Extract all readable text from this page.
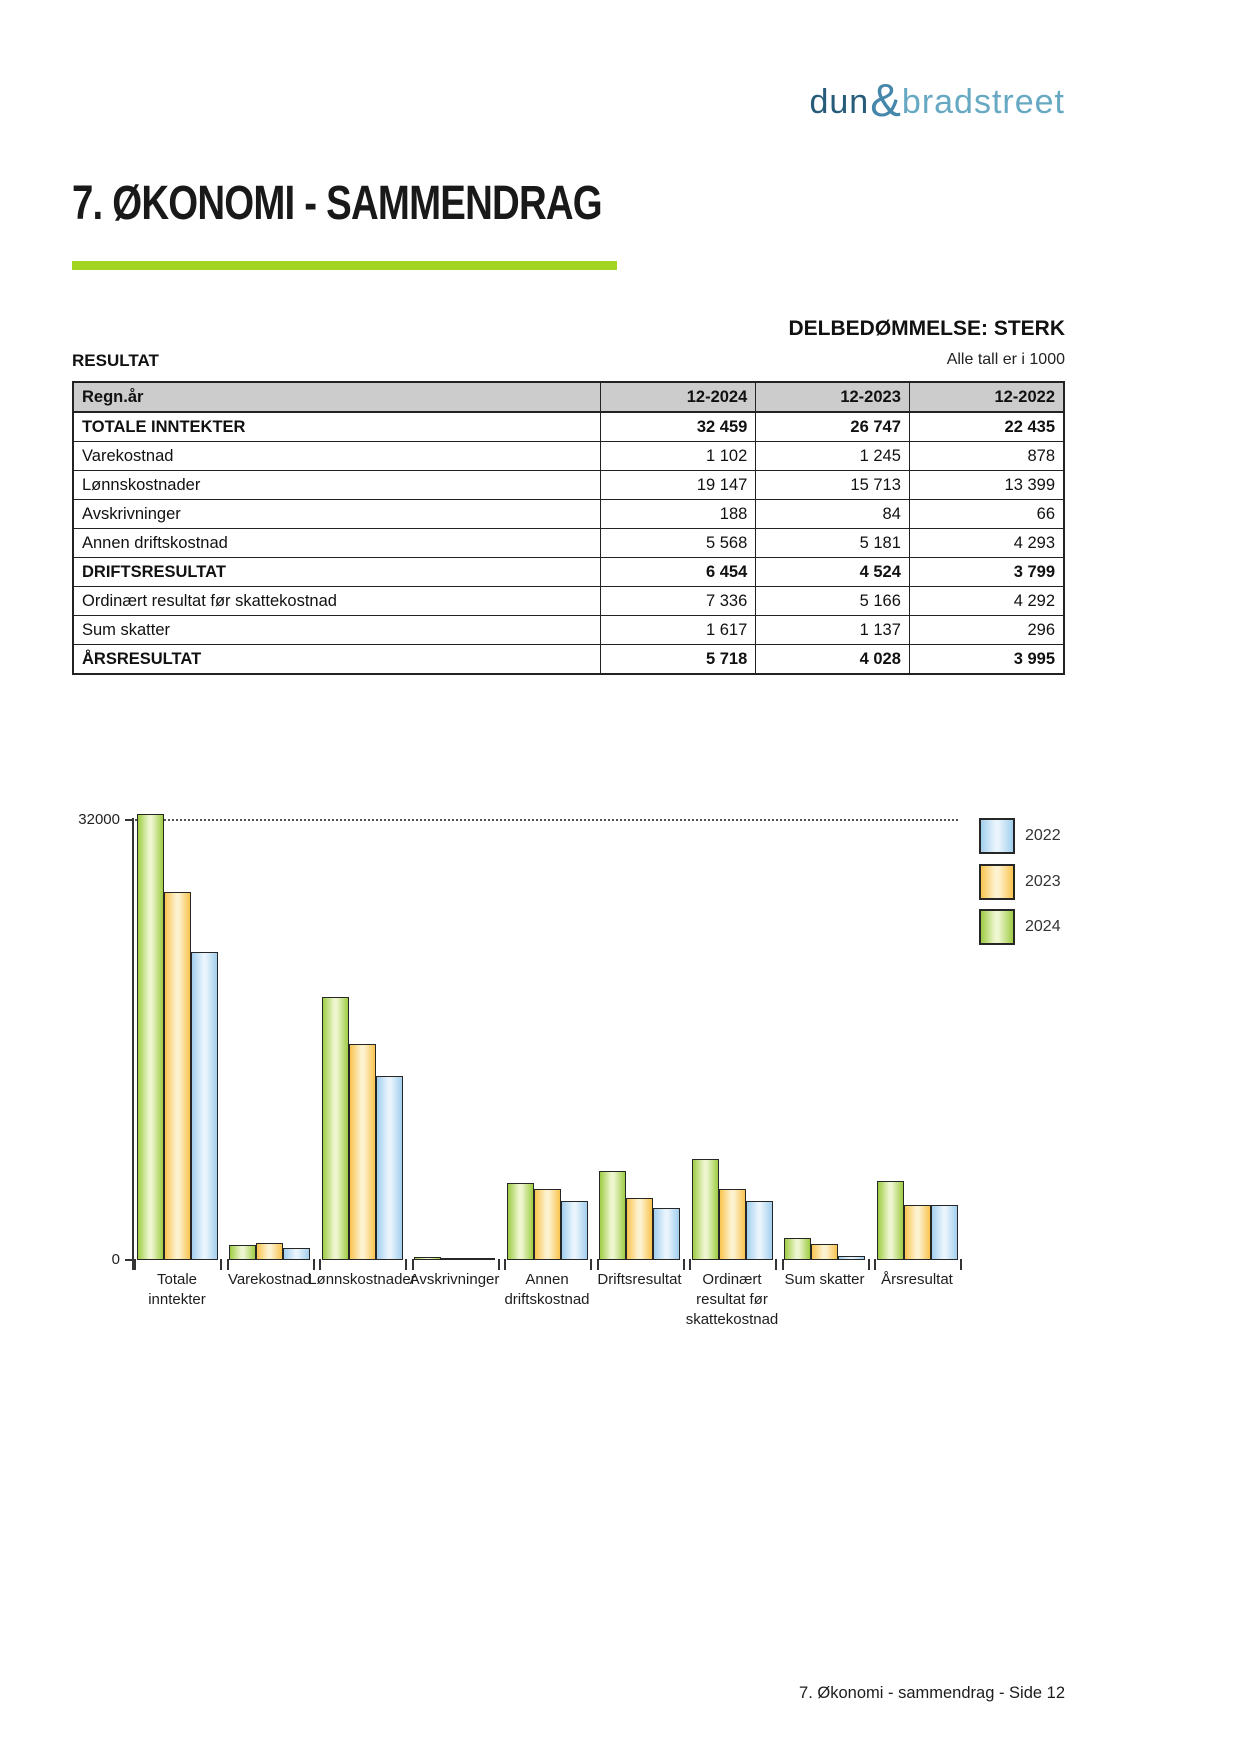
dun & bradstreet
7. ØKONOMI - SAMMENDRAG
DELBEDØMMELSE: STERK
RESULTAT	Alle tall er i 1000
Regn.år	12-2024	12-2023	12-2022
TOTALE INNTEKTER	32 459	26 747	22 435
Varekostnad	1 102	1 245	878
Lønnskostnader	19 147	15 713	13 399
Avskrivninger	188	84	66
Annen driftskostnad	5 568	5 181	4 293
DRIFTSRESULTAT	6 454	4 524	3 799
Ordinært resultat før skattekostnad	7 336	5 166	4 292
Sum skatter	1 617	1 137	296
ÅRSRESULTAT	5 718	4 028	3 995
32000
0
Totale
inntekter
Varekostnad
Lønnskostnader
Avskrivninger	Annen
driftskostnad
Driftsresultat	Ordinært
resultat før
skattekostnad
Sum skatter	Årsresultat
2022
2023
2024
7. Økonomi - sammendrag - Side 12
